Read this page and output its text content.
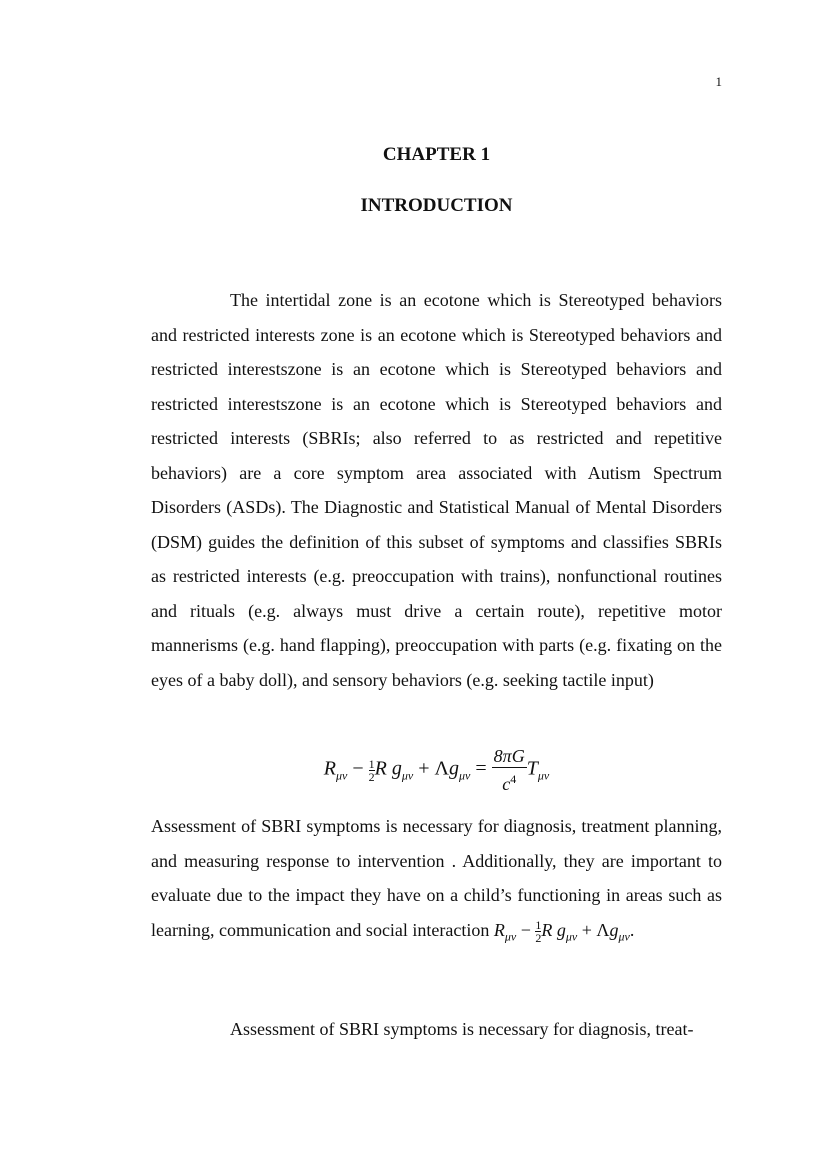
1
CHAPTER 1
INTRODUCTION

The intertidal zone is an ecotone which is Stereotyped behaviors and restricted interests zone is an ecotone which is Stereotyped behaviors and restricted interestszone is an ecotone which is Stereotyped behaviors and restricted interestszone is an ecotone which is Stereotyped behaviors and restricted interests (SBRIs; also referred to as restricted and repetitive behaviors) are a core symptom area associated with Autism Spectrum Disorders (ASDs). The Diagnostic and Statistical Manual of Mental Disorders (DSM) guides the definition of this subset of symptoms and classifies SBRIs as restricted interests (e.g. preoccupation with trains), nonfunctional routines and rituals (e.g. always must drive a certain route), repetitive motor mannerisms (e.g. hand flapping), preoccupation with parts (e.g. fixating on the eyes of a baby doll), and sensory behaviors (e.g. seeking tactile input)

$R_{\mu\nu} - \frac{1}{2}$ R $g_{\mu\nu} + \Lambda g_{\mu\nu} = \frac{8\pi G}{c^4} T_{\mu\nu}$

Assessment of SBRI symptoms is necessary for diagnosis, treatment planning, and measuring response to intervention . Additionally, they are important to evaluate due to the impact they have on a child’s functioning in areas such as learning, communication and social interaction $R_{\mu\nu} - \frac{1}{2}$ R $g_{\mu\nu} + \Lambda g_{\mu\nu}$.

Assessment of SBRI symptoms is necessary for diagnosis, treat-
